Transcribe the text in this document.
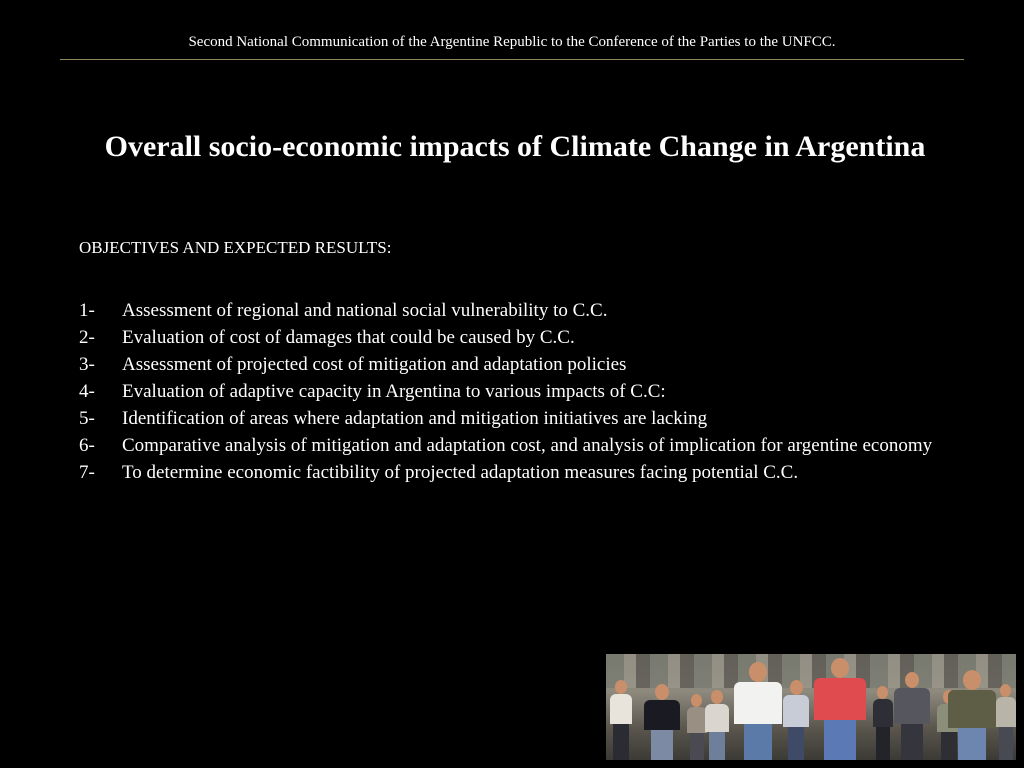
Second National Communication of the Argentine Republic to the Conference of the Parties to the UNFCC.
Overall socio-economic impacts of Climate Change in Argentina
OBJECTIVES AND EXPECTED RESULTS:
1-	Assessment of regional and national social vulnerability to C.C.
2-	Evaluation of cost of damages that could be caused by C.C.
3-	Assessment of projected cost of mitigation and adaptation policies
4-	Evaluation of adaptive capacity in Argentina to various impacts of C.C:
5-	Identification of areas where adaptation and mitigation initiatives are lacking
6-	Comparative analysis of mitigation and adaptation cost, and analysis of implication for argentine economy
7-	To determine economic factibility of projected adaptation measures facing potential C.C.
